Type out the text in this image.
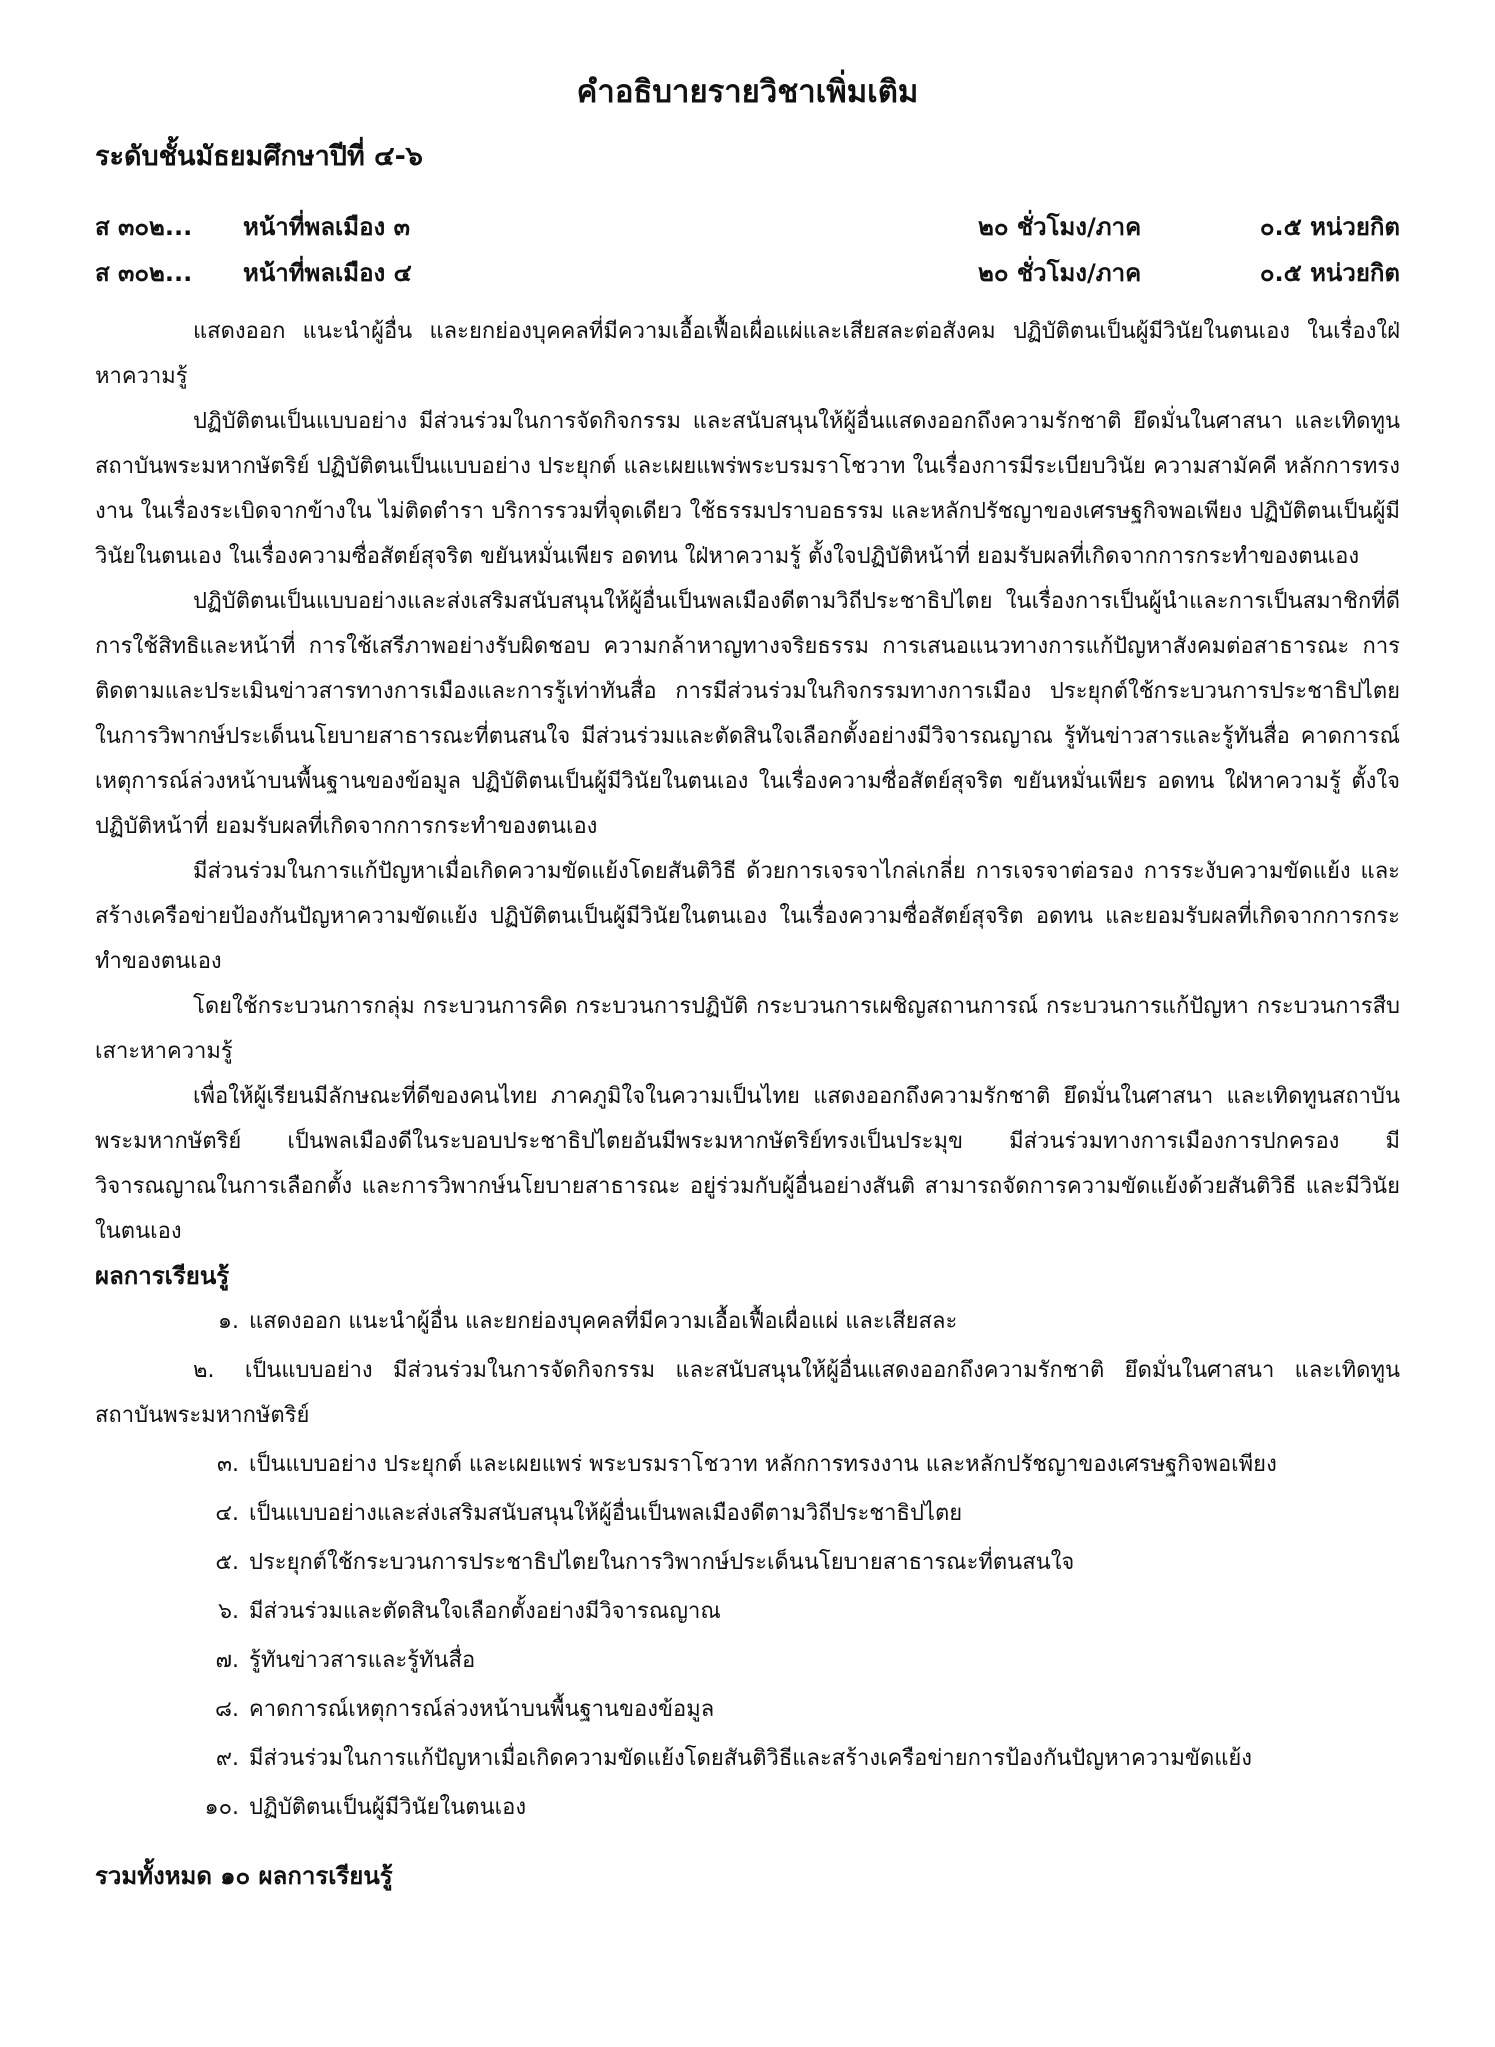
คำอธิบายรายวิชาเพิ่มเติม
ระดับชั้นมัธยมศึกษาปีที่ ๔-๖
ส ๓๐๒...	หน้าที่พลเมือง ๓	๒๐ ชั่วโมง/ภาค	๐.๕ หน่วยกิต
ส ๓๐๒...	หน้าที่พลเมือง ๔	๒๐ ชั่วโมง/ภาค	๐.๕ หน่วยกิต

แสดงออก แนะนำผู้อื่น และยกย่องบุคคลที่มีความเอื้อเฟื้อเผื่อแผ่และเสียสละต่อสังคม ปฏิบัติตนเป็นผู้มีวินัยในตนเอง ในเรื่องใฝ่หาความรู้

ปฏิบัติตนเป็นแบบอย่าง มีส่วนร่วมในการจัดกิจกรรม และสนับสนุนให้ผู้อื่นแสดงออกถึงความรักชาติ ยึดมั่นในศาสนา และเทิดทูนสถาบันพระมหากษัตริย์ ปฏิบัติตนเป็นแบบอย่าง ประยุกต์ และเผยแพร่พระบรมราโชวาท ในเรื่องการมีระเบียบวินัย ความสามัคคี หลักการทรงงาน ในเรื่องระเบิดจากข้างใน ไม่ติดตำรา บริการรวมที่จุดเดียว ใช้ธรรมปราบอธรรม และหลักปรัชญาของเศรษฐกิจพอเพียง ปฏิบัติตนเป็นผู้มีวินัยในตนเอง ในเรื่องความซื่อสัตย์สุจริต ขยันหมั่นเพียร อดทน ใฝ่หาความรู้ ตั้งใจปฏิบัติหน้าที่ ยอมรับผลที่เกิดจากการกระทำของตนเอง

ปฏิบัติตนเป็นแบบอย่างและส่งเสริมสนับสนุนให้ผู้อื่นเป็นพลเมืองดีตามวิถีประชาธิปไตย ในเรื่องการเป็นผู้นำและการเป็นสมาชิกที่ดี การใช้สิทธิและหน้าที่ การใช้เสรีภาพอย่างรับผิดชอบ ความกล้าหาญทางจริยธรรม การเสนอแนวทางการแก้ปัญหาสังคมต่อสาธารณะ การติดตามและประเมินข่าวสารทางการเมืองและการรู้เท่าทันสื่อ การมีส่วนร่วมในกิจกรรมทางการเมือง ประยุกต์ใช้กระบวนการประชาธิปไตยในการวิพากษ์ประเด็นนโยบายสาธารณะที่ตนสนใจ มีส่วนร่วมและตัดสินใจเลือกตั้งอย่างมีวิจารณญาณ รู้ทันข่าวสารและรู้ทันสื่อ คาดการณ์เหตุการณ์ล่วงหน้าบนพื้นฐานของข้อมูล ปฏิบัติตนเป็นผู้มีวินัยในตนเอง ในเรื่องความซื่อสัตย์สุจริต ขยันหมั่นเพียร อดทน ใฝ่หาความรู้ ตั้งใจปฏิบัติหน้าที่ ยอมรับผลที่เกิดจากการกระทำของตนเอง

มีส่วนร่วมในการแก้ปัญหาเมื่อเกิดความขัดแย้งโดยสันติวิธี ด้วยการเจรจาไกล่เกลี่ย การเจรจาต่อรอง การระงับความขัดแย้ง และสร้างเครือข่ายป้องกันปัญหาความขัดแย้ง ปฏิบัติตนเป็นผู้มีวินัยในตนเอง ในเรื่องความซื่อสัตย์สุจริต อดทน และยอมรับผลที่เกิดจากการกระทำของตนเอง

โดยใช้กระบวนการกลุ่ม กระบวนการคิด กระบวนการปฏิบัติ กระบวนการเผชิญสถานการณ์ กระบวนการแก้ปัญหา กระบวนการสืบเสาะหาความรู้

เพื่อให้ผู้เรียนมีลักษณะที่ดีของคนไทย ภาคภูมิใจในความเป็นไทย แสดงออกถึงความรักชาติ ยึดมั่นในศาสนา และเทิดทูนสถาบันพระมหากษัตริย์ เป็นพลเมืองดีในระบอบประชาธิปไตยอันมีพระมหากษัตริย์ทรงเป็นประมุข มีส่วนร่วมทางการเมืองการปกครอง มีวิจารณญาณในการเลือกตั้ง และการวิพากษ์นโยบายสาธารณะ อยู่ร่วมกับผู้อื่นอย่างสันติ สามารถจัดการความขัดแย้งด้วยสันติวิธี และมีวินัยในตนเอง

ผลการเรียนรู้
๑. แสดงออก แนะนำผู้อื่น และยกย่องบุคคลที่มีความเอื้อเฟื้อเผื่อแผ่ และเสียสละ
๒. เป็นแบบอย่าง มีส่วนร่วมในการจัดกิจกรรม และสนับสนุนให้ผู้อื่นแสดงออกถึงความรักชาติ ยึดมั่นในศาสนา และเทิดทูนสถาบันพระมหากษัตริย์
๓. เป็นแบบอย่าง ประยุกต์ และเผยแพร่ พระบรมราโชวาท หลักการทรงงาน และหลักปรัชญาของเศรษฐกิจพอเพียง
๔. เป็นแบบอย่างและส่งเสริมสนับสนุนให้ผู้อื่นเป็นพลเมืองดีตามวิถีประชาธิปไตย
๕. ประยุกต์ใช้กระบวนการประชาธิปไตยในการวิพากษ์ประเด็นนโยบายสาธารณะที่ตนสนใจ
๖. มีส่วนร่วมและตัดสินใจเลือกตั้งอย่างมีวิจารณญาณ
๗. รู้ทันข่าวสารและรู้ทันสื่อ
๘. คาดการณ์เหตุการณ์ล่วงหน้าบนพื้นฐานของข้อมูล
๙. มีส่วนร่วมในการแก้ปัญหาเมื่อเกิดความขัดแย้งโดยสันติวิธีและสร้างเครือข่ายการป้องกันปัญหาความขัดแย้ง
๑๐. ปฏิบัติตนเป็นผู้มีวินัยในตนเอง
รวมทั้งหมด ๑๐ ผลการเรียนรู้
